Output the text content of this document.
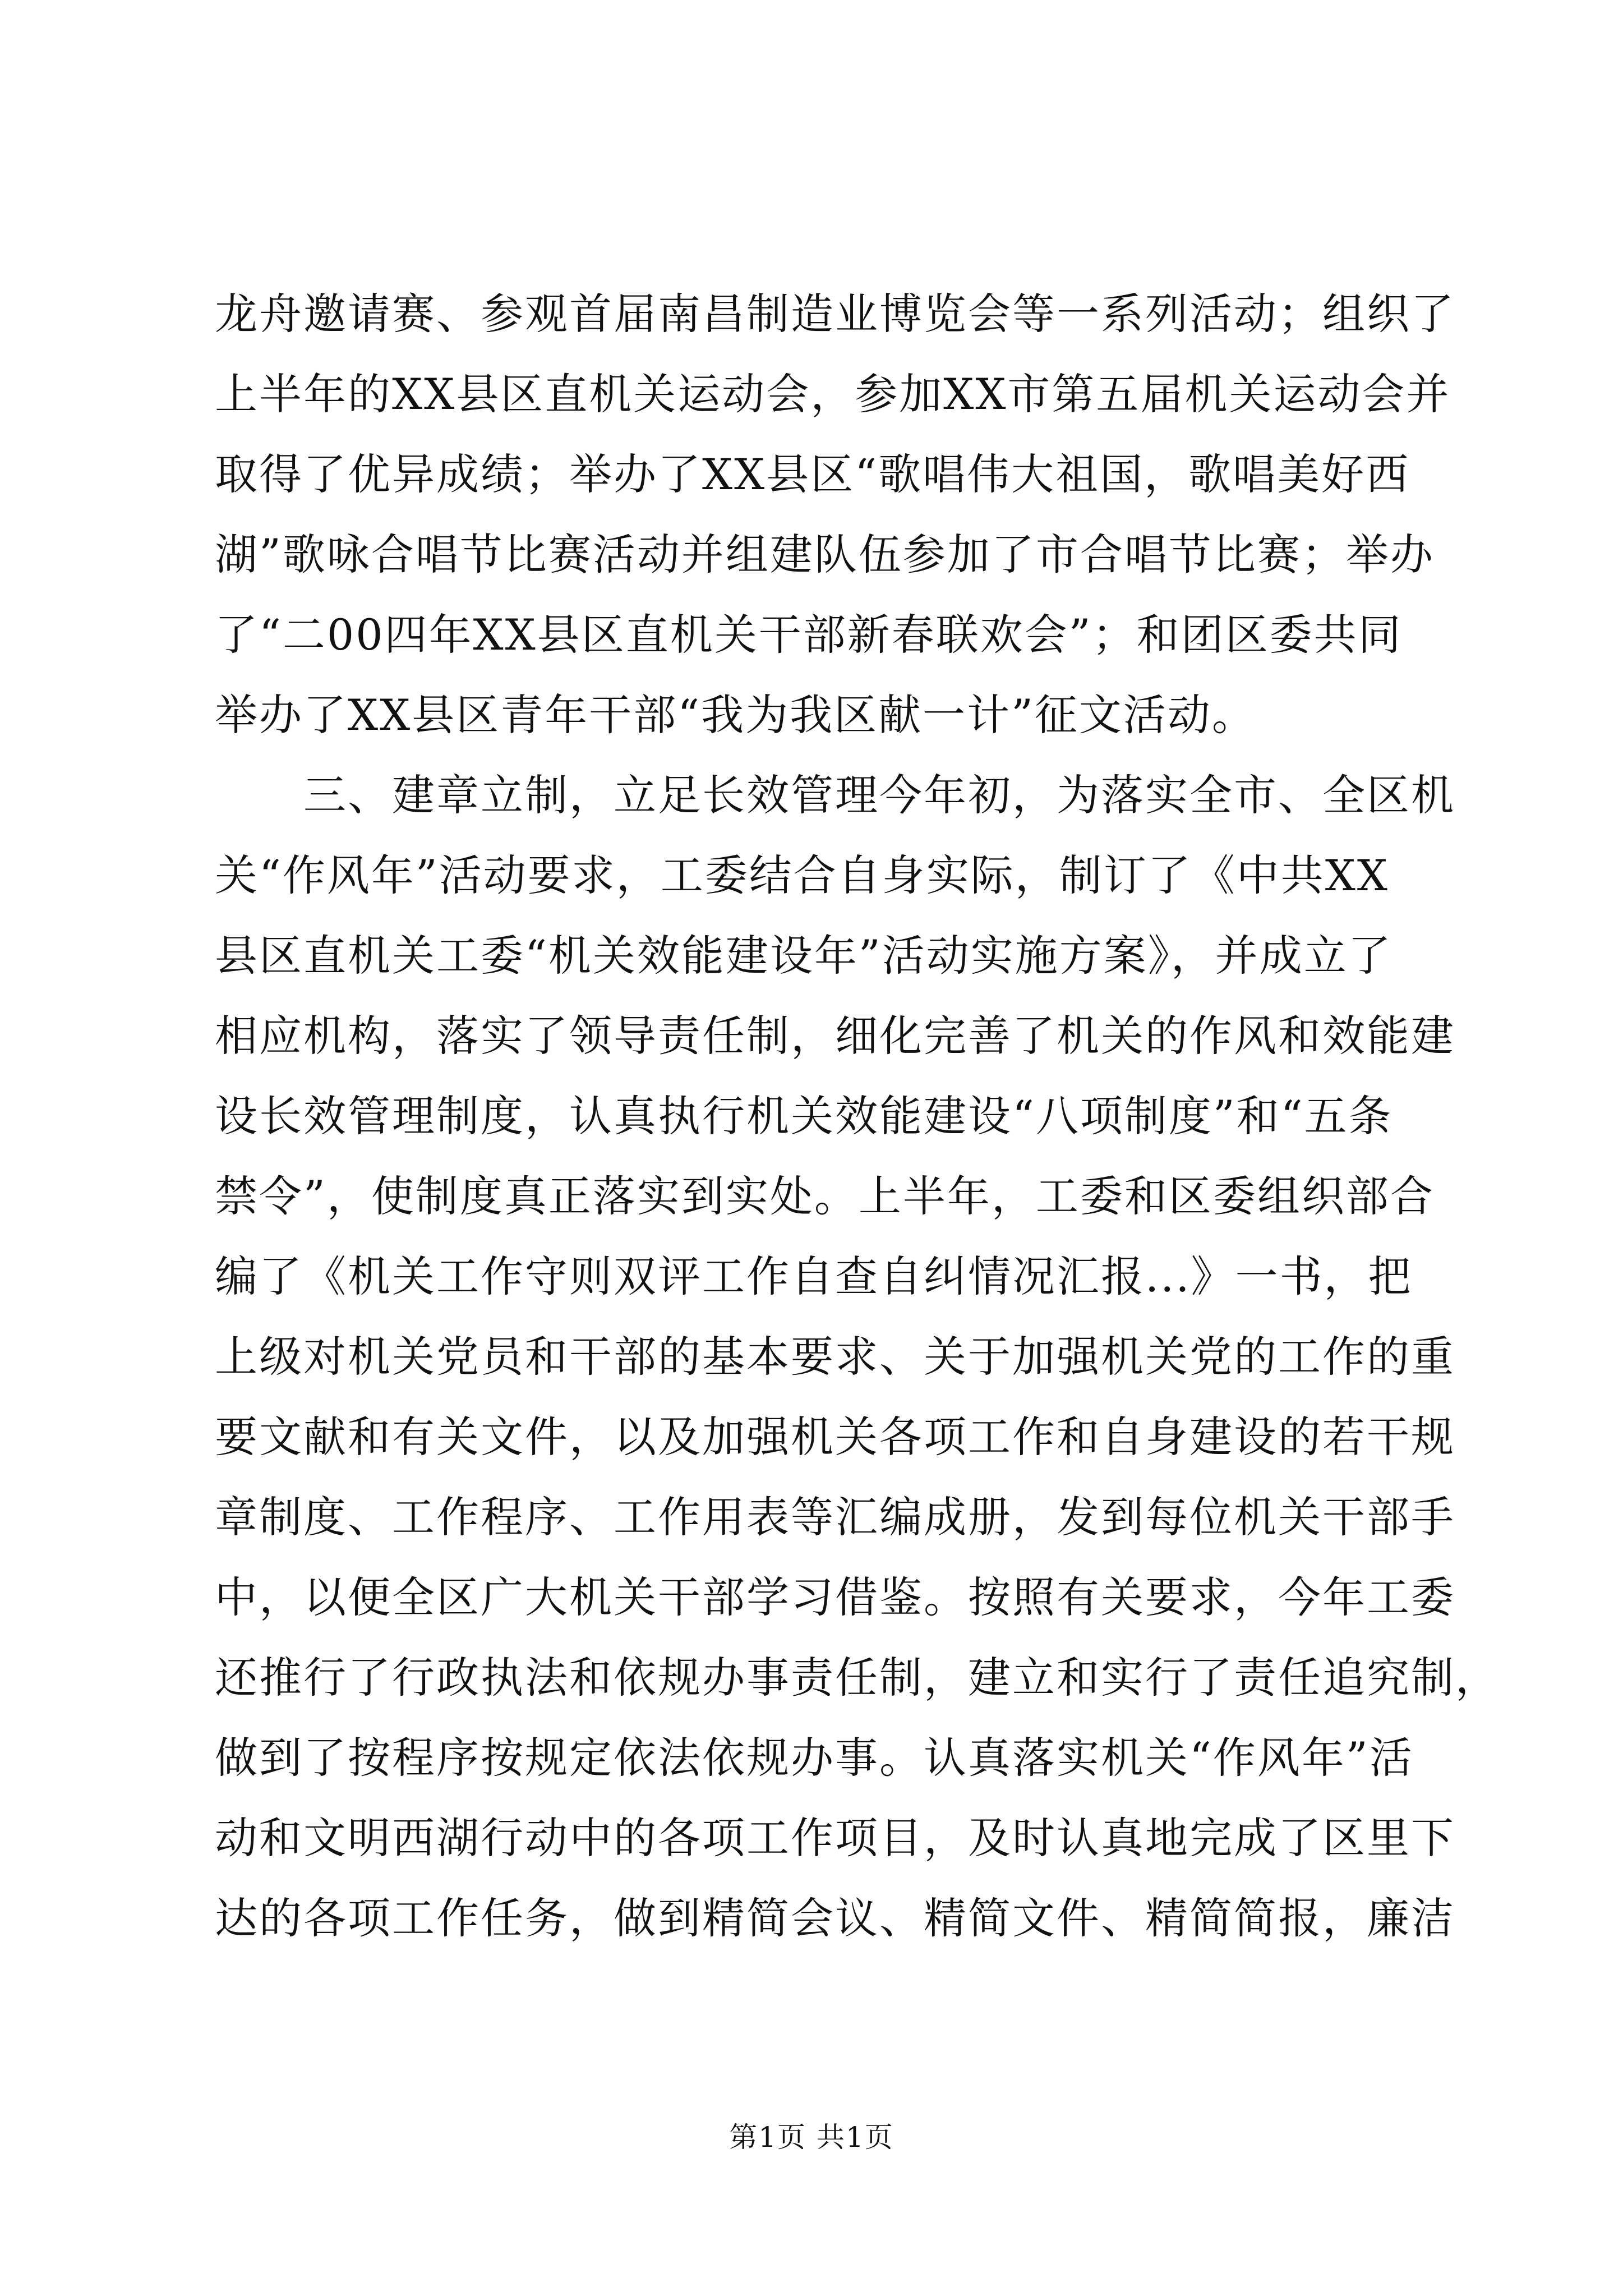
龙舟邀请赛、参观首届南昌制造业博览会等一系列活动；组织了
上半年的XX县区直机关运动会，参加XX市第五届机关运动会并
取得了优异成绩；举办了XX县区“歌唱伟大祖国，歌唱美好西
湖”歌咏合唱节比赛活动并组建队伍参加了市合唱节比赛；举办
了“二00四年XX县区直机关干部新春联欢会”；和团区委共同
举办了XX县区青年干部“我为我区献一计”征文活动。
　　三、建章立制，立足长效管理今年初，为落实全市、全区机
关“作风年”活动要求，工委结合自身实际，制订了《中共XX
县区直机关工委“机关效能建设年”活动实施方案》，并成立了
相应机构，落实了领导责任制，细化完善了机关的作风和效能建
设长效管理制度，认真执行机关效能建设“八项制度”和“五条
禁令”，使制度真正落实到实处。上半年，工委和区委组织部合
编了《机关工作守则双评工作自查自纠情况汇报...》一书，把
上级对机关党员和干部的基本要求、关于加强机关党的工作的重
要文献和有关文件，以及加强机关各项工作和自身建设的若干规
章制度、工作程序、工作用表等汇编成册，发到每位机关干部手
中，以便全区广大机关干部学习借鉴。按照有关要求，今年工委
还推行了行政执法和依规办事责任制，建立和实行了责任追究制，
做到了按程序按规定依法依规办事。认真落实机关“作风年”活
动和文明西湖行动中的各项工作项目，及时认真地完成了区里下
达的各项工作任务，做到精简会议、精简文件、精简简报，廉洁
第1页 共1页
